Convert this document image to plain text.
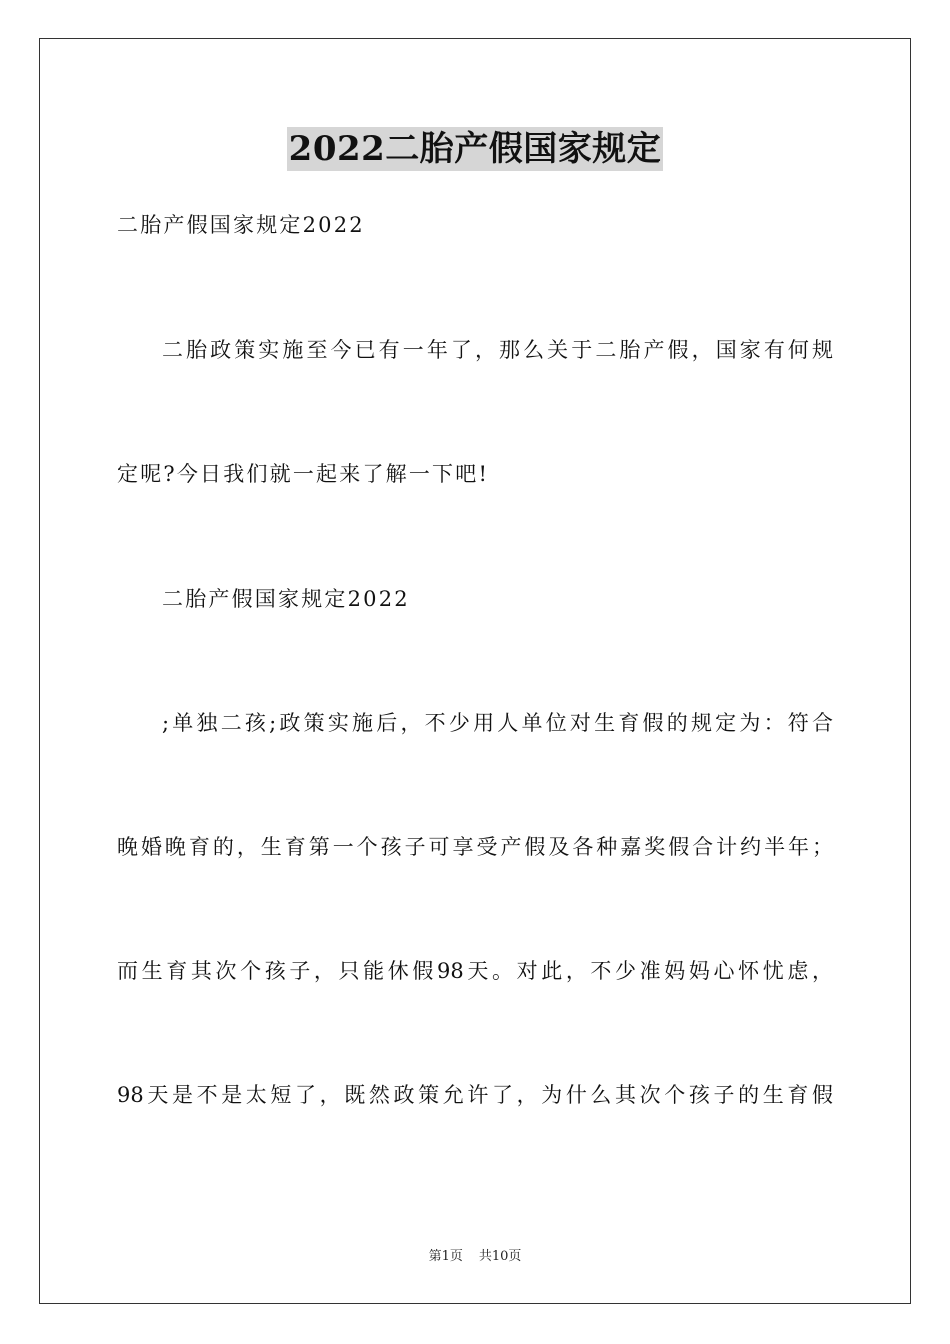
2022二胎产假国家规定
二胎产假国家规定2022
二胎政策实施至今已有一年了，那么关于二胎产假，国家有何规
定呢?今日我们就一起来了解一下吧!
二胎产假国家规定2022
;单独二孩;政策实施后，不少用人单位对生育假的规定为：符合
晚婚晚育的，生育第一个孩子可享受产假及各种嘉奖假合计约半年；
而生育其次个孩子，只能休假98天。对此，不少准妈妈心怀忧虑，
98天是不是太短了，既然政策允许了，为什么其次个孩子的生育假
第1页 共10页
